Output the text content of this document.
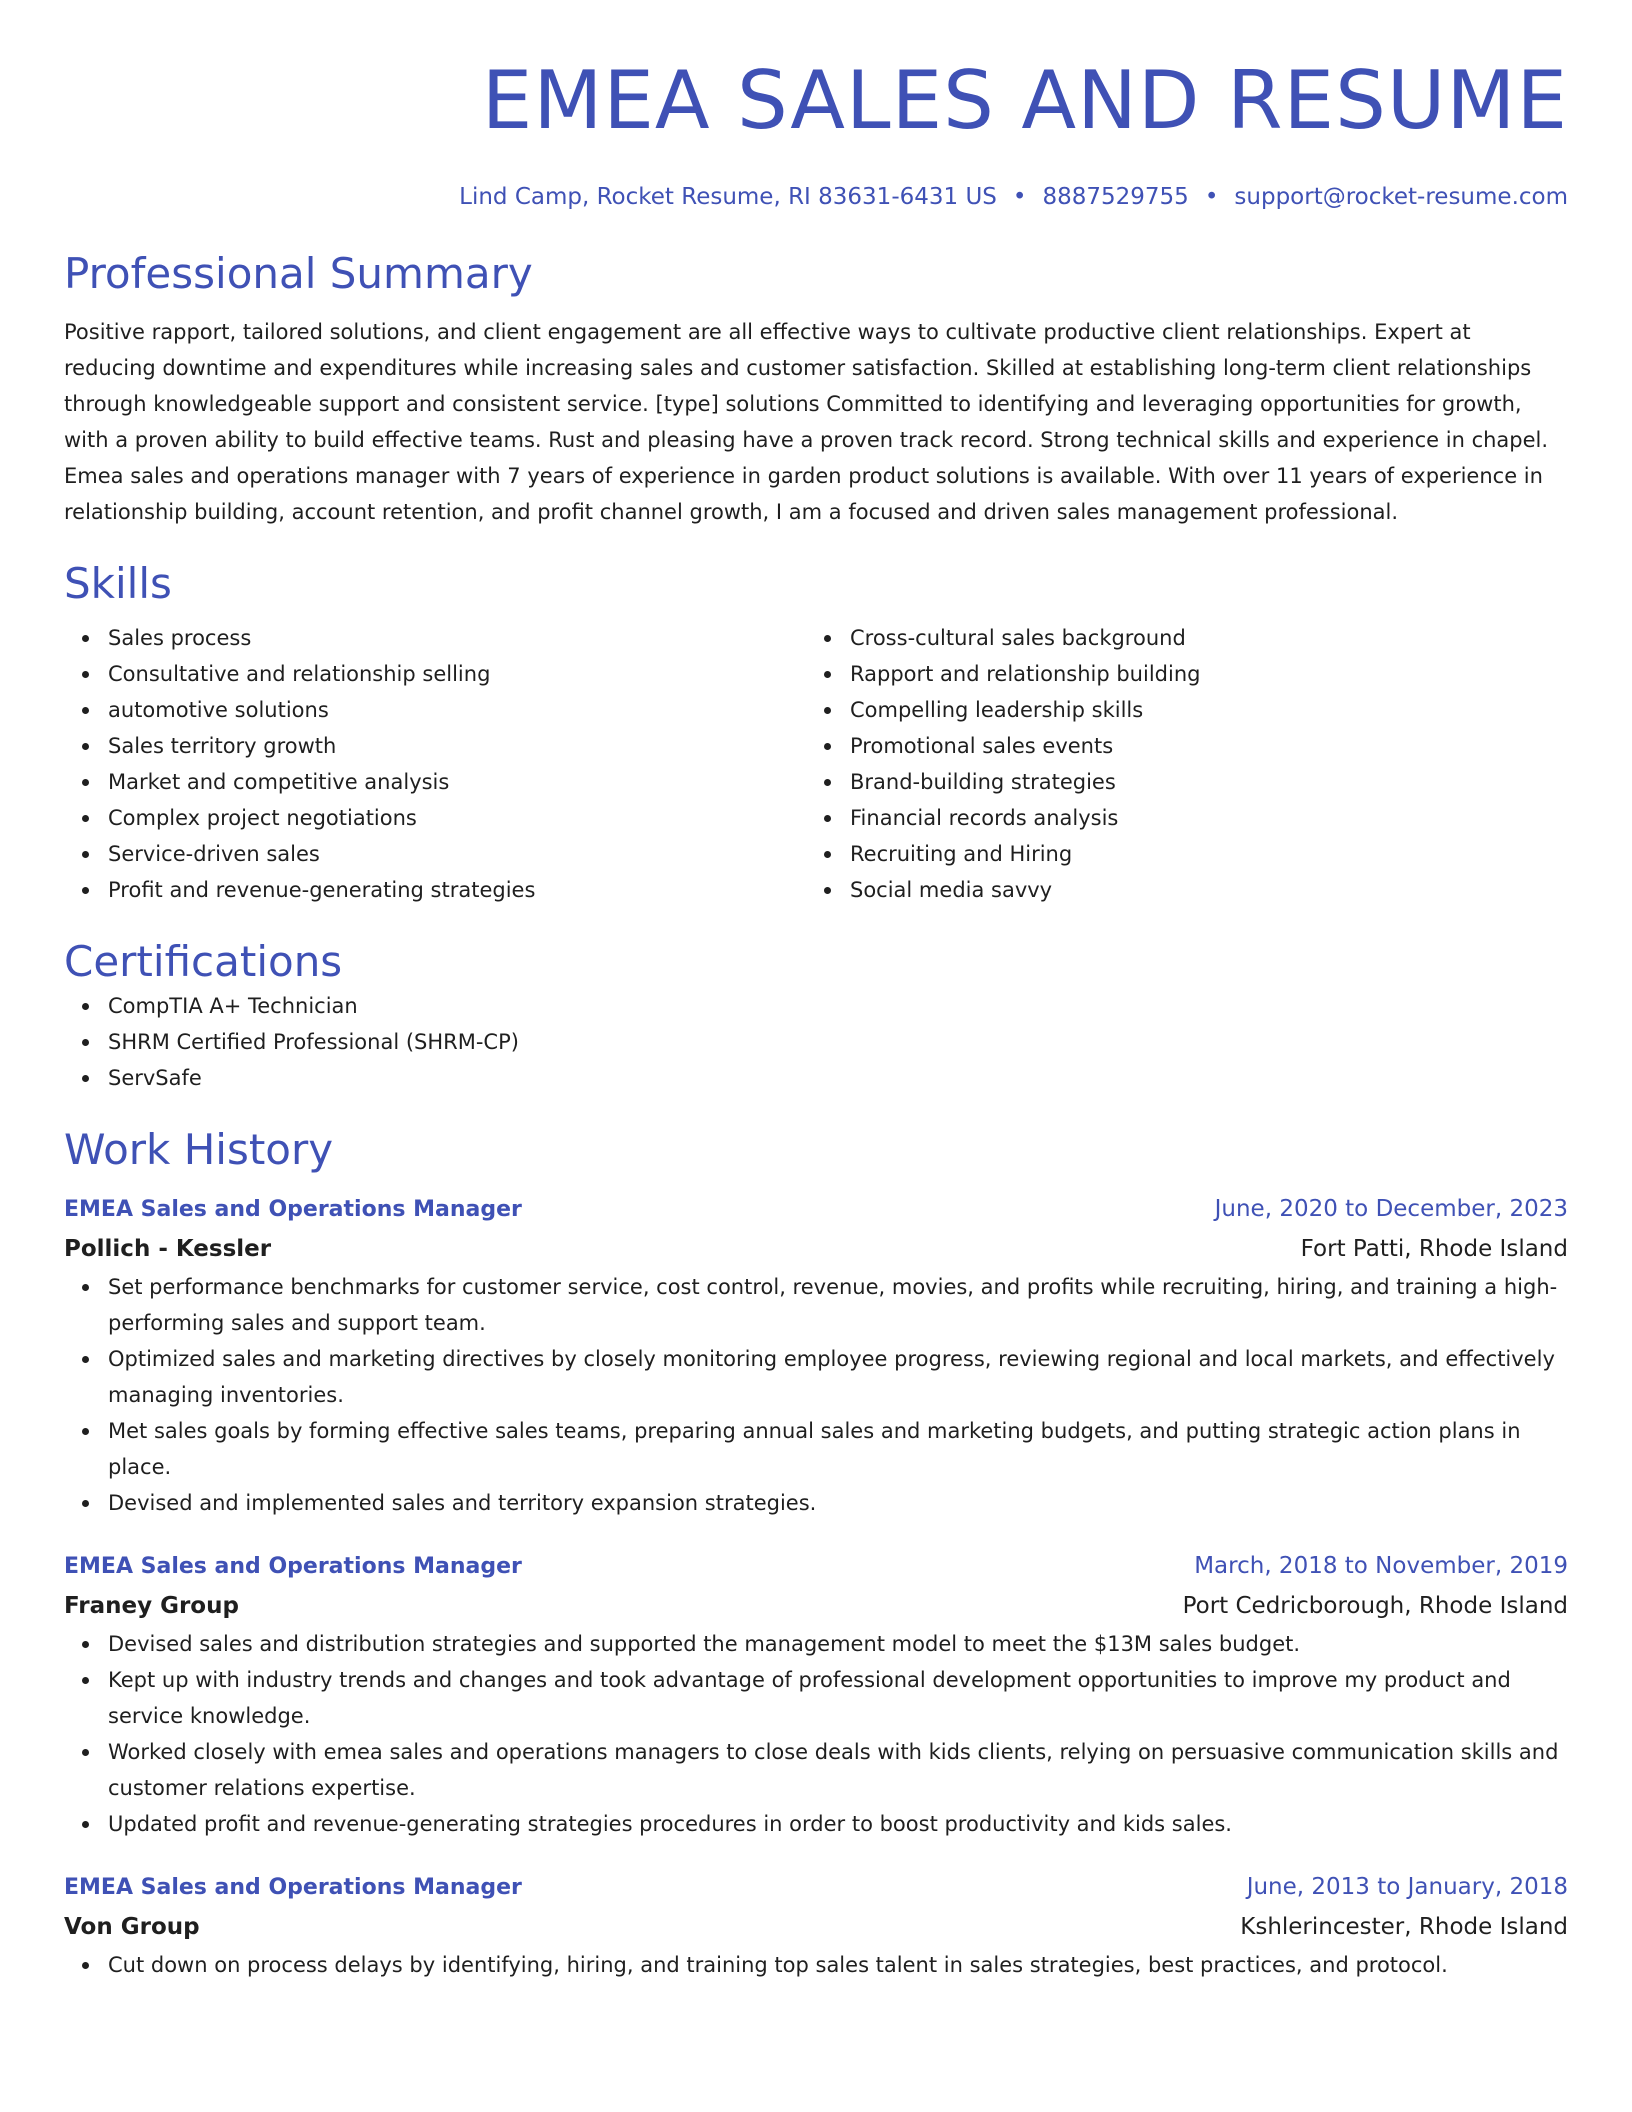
EMEA SALES AND RESUME
Lind Camp, Rocket Resume, RI 83631-6431 US • 8887529755 • support@rocket-resume.com
Professional Summary

Positive rapport, tailored solutions, and client engagement are all effective ways to cultivate productive client relationships. Expert at reducing downtime and expenditures while increasing sales and customer satisfaction. Skilled at establishing long-term client relationships through knowledgeable support and consistent service. [type] solutions Committed to identifying and leveraging opportunities for growth, with a proven ability to build effective teams. Rust and pleasing have a proven track record. Strong technical skills and experience in chapel. Emea sales and operations manager with 7 years of experience in garden product solutions is available. With over 11 years of experience in relationship building, account retention, and profit channel growth, I am a focused and driven sales management professional.

Skills
Sales process
Consultative and relationship selling
automotive solutions
Sales territory growth
Market and competitive analysis
Complex project negotiations
Service-driven sales
Profit and revenue-generating strategies
Cross-cultural sales background
Rapport and relationship building
Compelling leadership skills
Promotional sales events
Brand-building strategies
Financial records analysis
Recruiting and Hiring
Social media savvy
Certifications
CompTIA A+ Technician
SHRM Certified Professional (SHRM-CP)
ServSafe
Work History
EMEA Sales and Operations Manager	June, 2020 to December, 2023
Pollich - Kessler	Fort Patti, Rhode Island
Set performance benchmarks for customer service, cost control, revenue, movies, and profits while recruiting, hiring, and training a high-performing sales and support team.
Optimized sales and marketing directives by closely monitoring employee progress, reviewing regional and local markets, and effectively managing inventories.
Met sales goals by forming effective sales teams, preparing annual sales and marketing budgets, and putting strategic action plans in place.
Devised and implemented sales and territory expansion strategies.
EMEA Sales and Operations Manager	March, 2018 to November, 2019
Franey Group	Port Cedricborough, Rhode Island
Devised sales and distribution strategies and supported the management model to meet the $13M sales budget.
Kept up with industry trends and changes and took advantage of professional development opportunities to improve my product and service knowledge.
Worked closely with emea sales and operations managers to close deals with kids clients, relying on persuasive communication skills and customer relations expertise.
Updated profit and revenue-generating strategies procedures in order to boost productivity and kids sales.
EMEA Sales and Operations Manager	June, 2013 to January, 2018
Von Group	Kshlerincester, Rhode Island
Cut down on process delays by identifying, hiring, and training top sales talent in sales strategies, best practices, and protocol.
